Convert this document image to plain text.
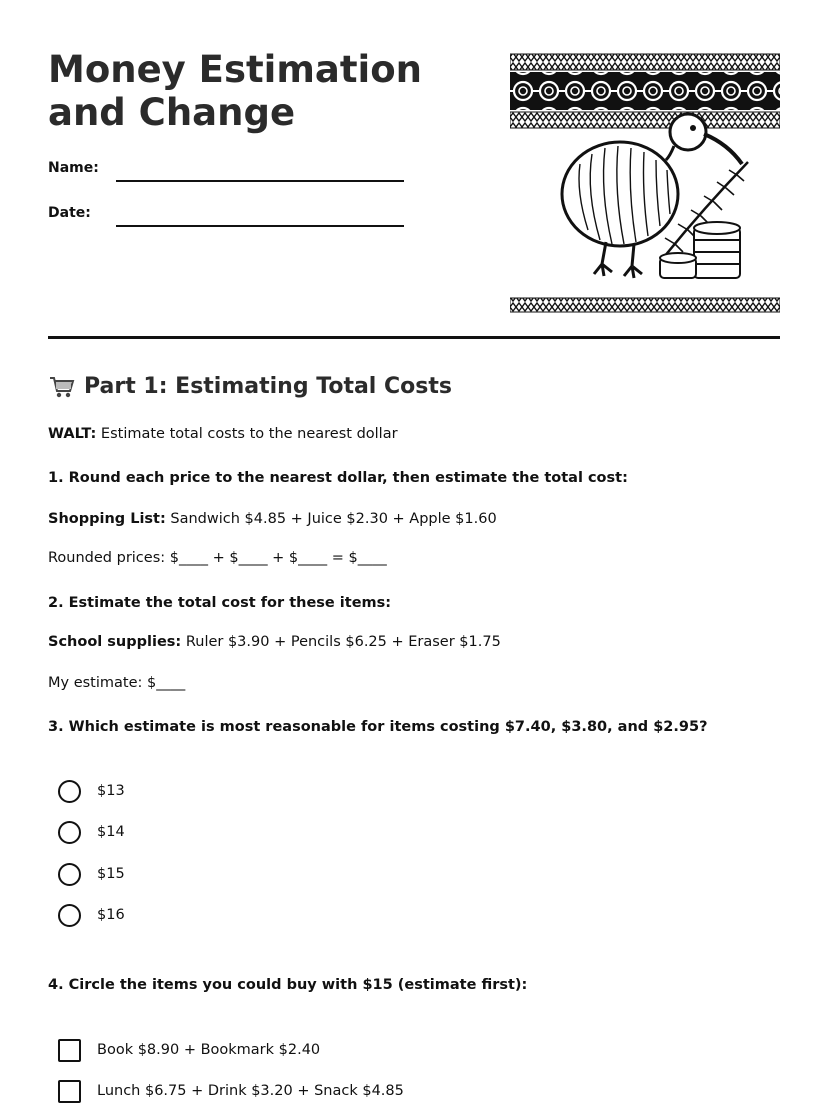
Money Estimation and Change
Name:
Date:
Part 1: Estimating Total Costs
WALT: Estimate total costs to the nearest dollar
1. Round each price to the nearest dollar, then estimate the total cost:
Shopping List: Sandwich $4.85 + Juice $2.30 + Apple $1.60
Rounded prices: $____ + $____ + $____ = $____
2. Estimate the total cost for these items:
School supplies: Ruler $3.90 + Pencils $6.25 + Eraser $1.75
My estimate: $____
3. Which estimate is most reasonable for items costing $7.40, $3.80, and $2.95?
$13
$14
$15
$16
4. Circle the items you could buy with $15 (estimate first):
Book $8.90 + Bookmark $2.40
Lunch $6.75 + Drink $3.20 + Snack $4.85
